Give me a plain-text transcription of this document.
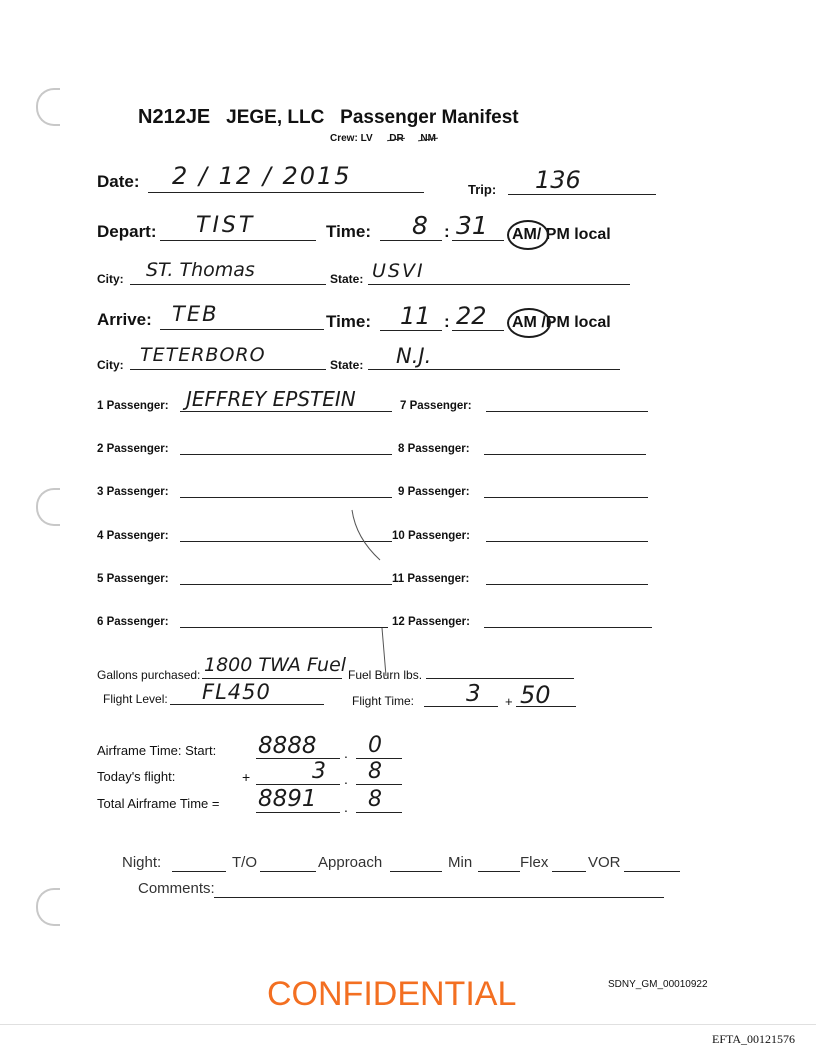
N212JE JEGE, LLC Passenger Manifest
Crew: LV DR NM
Date: 2 / 12 / 2015	Trip: 136
Depart: TIST	Time: 8 : 31 AM/ PM local
City: ST. Thomas	State: USVI
Arrive: TEB	Time: 11 : 22 AM /PM local
City: TETERBORO	State: N.J.
1 Passenger: JEFFREY EPSTEIN
2 Passenger:
3 Passenger:
4 Passenger:
5 Passenger:
6 Passenger:
7 Passenger:
8 Passenger:
9 Passenger:
10 Passenger:
11 Passenger:
12 Passenger:
Gallons purchased: 1800 TWA Fuel Fuel Burn lbs.
Flight Level: FL450	Flight Time: 3 + 50
Airframe Time: Start: 8888 . 0
Today's flight:	+	3 . 8
Total Airframe Time = 8891 . 8
Night:	T/O	Approach	Min	Flex	VOR
Comments:
CONFIDENTIAL	SDNY_GM_00010922
EFTA_00121576
